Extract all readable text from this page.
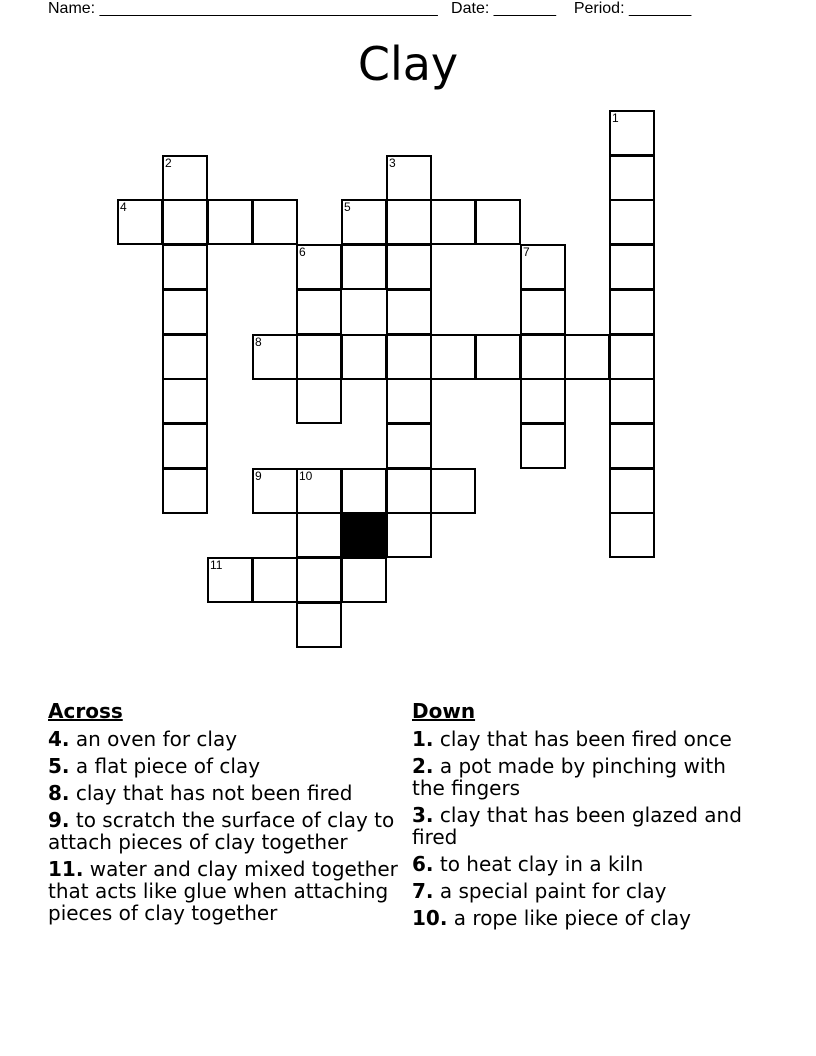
Name: ______________________________________   Date: _______    Period: _______
Clay
1
2	3
4	5
6	7
8
9	10
11
Across
4. an oven for clay
5. a flat piece of clay
8. clay that has not been fired
9. to scratch the surface of clay to attach pieces of clay together
11. water and clay mixed together that acts like glue when attaching pieces of clay together
Down
1. clay that has been fired once
2. a pot made by pinching with the fingers
3. clay that has been glazed and fired
6. to heat clay in a kiln
7. a special paint for clay
10. a rope like piece of clay
